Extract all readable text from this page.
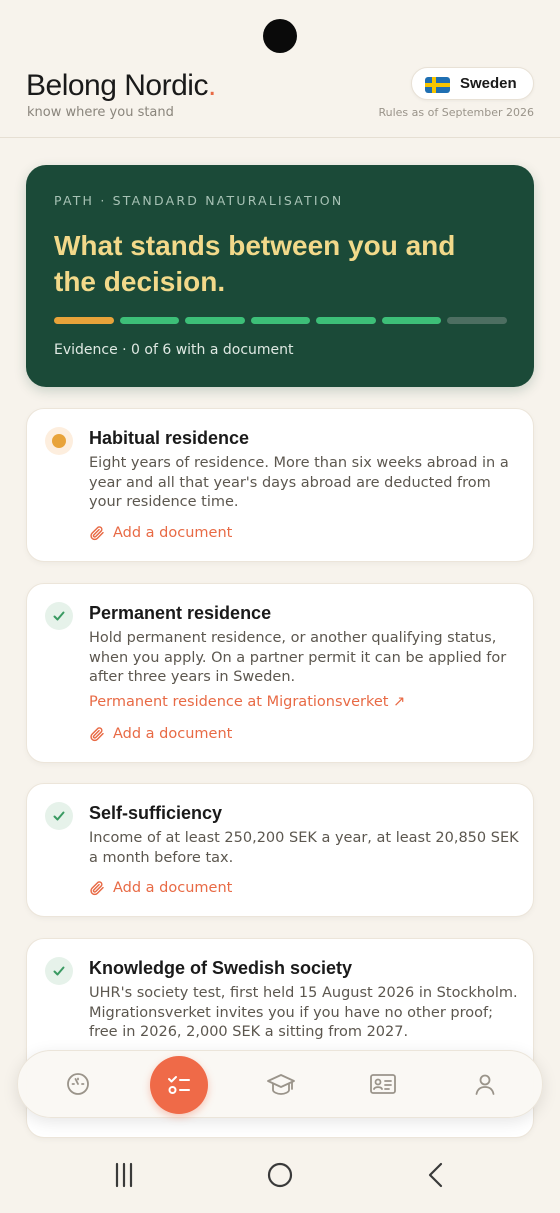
Belong Nordic.
know where you stand
Sweden
Rules as of September 2026
PATH · STANDARD NATURALISATION
What stands between you and the decision.
Evidence · 0 of 6 with a document
Habitual residence
Eight years of residence. More than six weeks abroad in a year and all that year's days abroad are deducted from your residence time.
Add a document
Permanent residence
Hold permanent residence, or another qualifying status, when you apply. On a partner permit it can be applied for after three years in Sweden.
Permanent residence at Migrationsverket ↗
Add a document
Self-sufficiency
Income of at least 250,200 SEK a year, at least 20,850 SEK a month before tax.
Add a document
Knowledge of Swedish society
UHR's society test, first held 15 August 2026 in Stockholm. Migrationsverket invites you if you have no other proof; free in 2026, 2,000 SEK a sitting from 2027.
